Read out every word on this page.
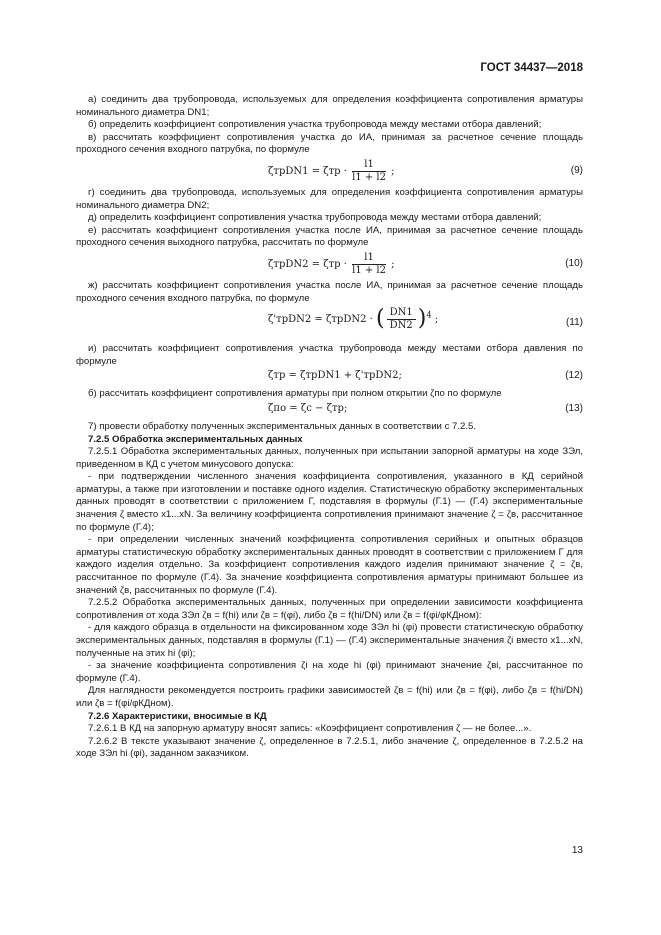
ГОСТ 34437—2018

а) соединить два трубопровода, используемых для определения коэффициента сопротивления арматуры номинального диаметра DN1;

б) определить коэффициент сопротивления участка трубопровода между местами отбора давлений;

в) рассчитать коэффициент сопротивления участка до ИА, принимая за расчетное сечение площадь проходного сечения входного патрубка, по формуле

ζтрDN1 = $\zeta тр \cdot \frac{l1}{l1 + l2}$ ;	(9)

г) соединить два трубопровода, используемых для определения коэффициента сопротивления арматуры номинального диаметра DN2;

д) определить коэффициент сопротивления участка трубопровода между местами отбора давлений;

е) рассчитать коэффициент сопротивления участка после ИА, принимая за расчетное сечение площадь проходного сечения выходного патрубка, рассчитать по формуле

ζтрDN2 = $\zeta тр \cdot \frac{l1}{l1 + l2}$ ;	(10)

ж) рассчитать коэффициент сопротивления участка после ИА, принимая за расчетное сечение площадь проходного сечения входного патрубка, по формуле

ζ'трDN2 = ζтрDN2 · ( $\frac{DN1}{DN2} )^4$ ;	(11)

и) рассчитать коэффициент сопротивления участка трубопровода между местами отбора давления по формуле

ζтр = ζтрDN1 + ζ'трDN2;	(12)

б) рассчитать коэффициент сопротивления арматуры при полном открытии ζпо по формуле

ζпо = ζс − ζтр;	(13)

7) провести обработку полученных экспериментальных данных в соответствии с 7.2.5.

7.2.5 Обработка экспериментальных данных

7.2.5.1 Обработка экспериментальных данных, полученных при испытании запорной арматуры на ходе ЗЭл, приведенном в КД с учетом минусового допуска:

- при подтверждении численного значения коэффициента сопротивления, указанного в КД серийной арматуры, а также при изготовлении и поставке одного изделия. Статистическую обработку экспериментальных данных проводят в соответствии с приложением Г, подставляя в формулы (Г.1) — (Г.4) экспериментальные значения ζ вместо x1...xN. За величину коэффициента сопротивления принимают значение ζ = ζв, рассчитанное по формуле (Г.4);

- при определении численных значений коэффициента сопротивления серийных и опытных образцов арматуры статистическую обработку экспериментальных данных проводят в соответствии с приложением Г для каждого изделия отдельно. За коэффициент сопротивления каждого изделия принимают значение ζ = ζв, рассчитанное по формуле (Г.4). За значение коэффициента сопротивления арматуры принимают большее из значений ζв, рассчитанных по формуле (Г.4).

7.2.5.2 Обработка экспериментальных данных, полученных при определении зависимости коэффициента сопротивления от хода ЗЭл ζв = f(hi) или ζв = f(φi), либо ζв = f(hi/DN) или ζв = f(φi/φКДном):

- для каждого образца в отдельности на фиксированном ходе ЗЭл hi (φi) провести статистическую обработку экспериментальных данных, подставляя в формулы (Г.1) — (Г.4) экспериментальные значения ζi вместо x1...xN, полученные на этих hi (φi);

- за значение коэффициента сопротивления ζi на ходе hi (φi) принимают значение ζвi, рассчитанное по формуле (Г.4).

Для наглядности рекомендуется построить графики зависимостей ζв = f(hi) или ζв = f(φi), либо ζв = f(hi/DN) или ζв = f(φi/φКДном).

7.2.6 Характеристики, вносимые в КД

7.2.6.1 В КД на запорную арматуру вносят запись: «Коэффициент сопротивления ζ — не более...».

7.2.6.2 В тексте указывают значение ζ, определенное в 7.2.5.1, либо значение ζ, определенное в 7.2.5.2 на ходе ЗЭл hi (φi), заданном заказчиком.

13
